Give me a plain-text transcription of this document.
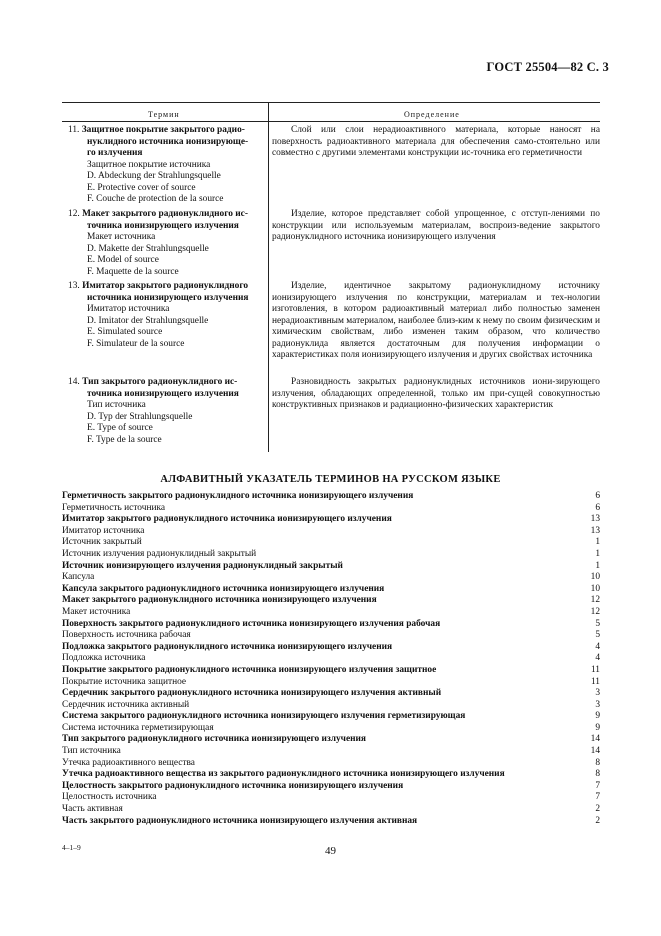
ГОСТ 25504—82 С. 3
Термин	Определение
11. Защитное покрытие закрытого радио-
нуклидного источника ионизирующе-
го излучения
Защитное покрытие источника
D. Abdeckung der Strahlungsquelle
E. Protective cover of source
F. Couche de protection de la source

Слой или слои нерадиоактивного материала, которые наносят на поверхность радиоактивного материала для обеспечения само-стоятельно или совместно с другими элементами конструкции ис-точника его герметичности

12. Макет закрытого радионуклидного ис-
точника ионизирующего излучения
Макет источника
D. Makette der Strahlungsquelle
E. Model of source
F. Maquette de la source

Изделие, которое представляет собой упрощенное, с отступ-лениями по конструкции или используемым материалам, воспроиз-ведение закрытого радионуклидного источника ионизирующего излучения

13. Имитатор закрытого радионуклидного
источника ионизирующего излучения
Имитатор источника
D. Imitator der Strahlungsquelle
E. Simulated source
F. Simulateur de la source

Изделие, идентичное закрытому радионуклидному источнику ионизирующего излучения по конструкции, материалам и тех-нологии изготовления, в котором радиоактивный материал либо полностью заменен нерадиоактивным материалом, наиболее близ-ким к нему по своим физическим и химическим свойствам, либо изменен таким образом, что количество радионуклида является достаточным для получения информации о характеристиках поля ионизирующего излучения и других свойствах источника

14. Тип закрытого радионуклидного ис-
точника ионизирующего излучения
Тип источника
D. Typ der Strahlungsquelle
E. Type of source
F. Type de la source

Разновидность закрытых радионуклидных источников иони-зирующего излучения, обладающих определенной, только им при-сущей совокупностью конструктивных признаков и радиационно-физических характеристик

АЛФАВИТНЫЙ УКАЗАТЕЛЬ ТЕРМИНОВ НА РУССКОМ ЯЗЫКЕ
Герметичность закрытого радионуклидного источника ионизирующего излучения	6
Герметичность источника	6
Имитатор закрытого радионуклидного источника ионизирующего излучения	13
Имитатор источника	13
Источник закрытый	1
Источник излучения радионуклидный закрытый	1
Источник ионизирующего излучения радионуклидный закрытый	1
Капсула	10
Капсула закрытого радионуклидного источника ионизирующего излучения	10
Макет закрытого радионуклидного источника ионизирующего излучения	12
Макет источника	12
Поверхность закрытого радионуклидного источника ионизирующего излучения рабочая	5
Поверхность источника рабочая	5
Подложка закрытого радионуклидного источника ионизирующего излучения	4
Подложка источника	4
Покрытие закрытого радионуклидного источника ионизирующего излучения защитное	11
Покрытие источника защитное	11
Сердечник закрытого радионуклидного источника ионизирующего излучения активный	3
Сердечник источника активный	3
Система закрытого радионуклидного источника ионизирующего излучения герметизирующая	9
Система источника герметизирующая	9
Тип закрытого радионуклидного источника ионизирующего излучения	14
Тип источника	14
Утечка радиоактивного вещества	8
Утечка радиоактивного вещества из закрытого радионуклидного источника ионизирующего излучения	8
Целостность закрытого радионуклидного источника ионизирующего излучения	7
Целостность источника	7
Часть активная	2
Часть закрытого радионуклидного источника ионизирующего излучения активная	2
4–1–9	49
